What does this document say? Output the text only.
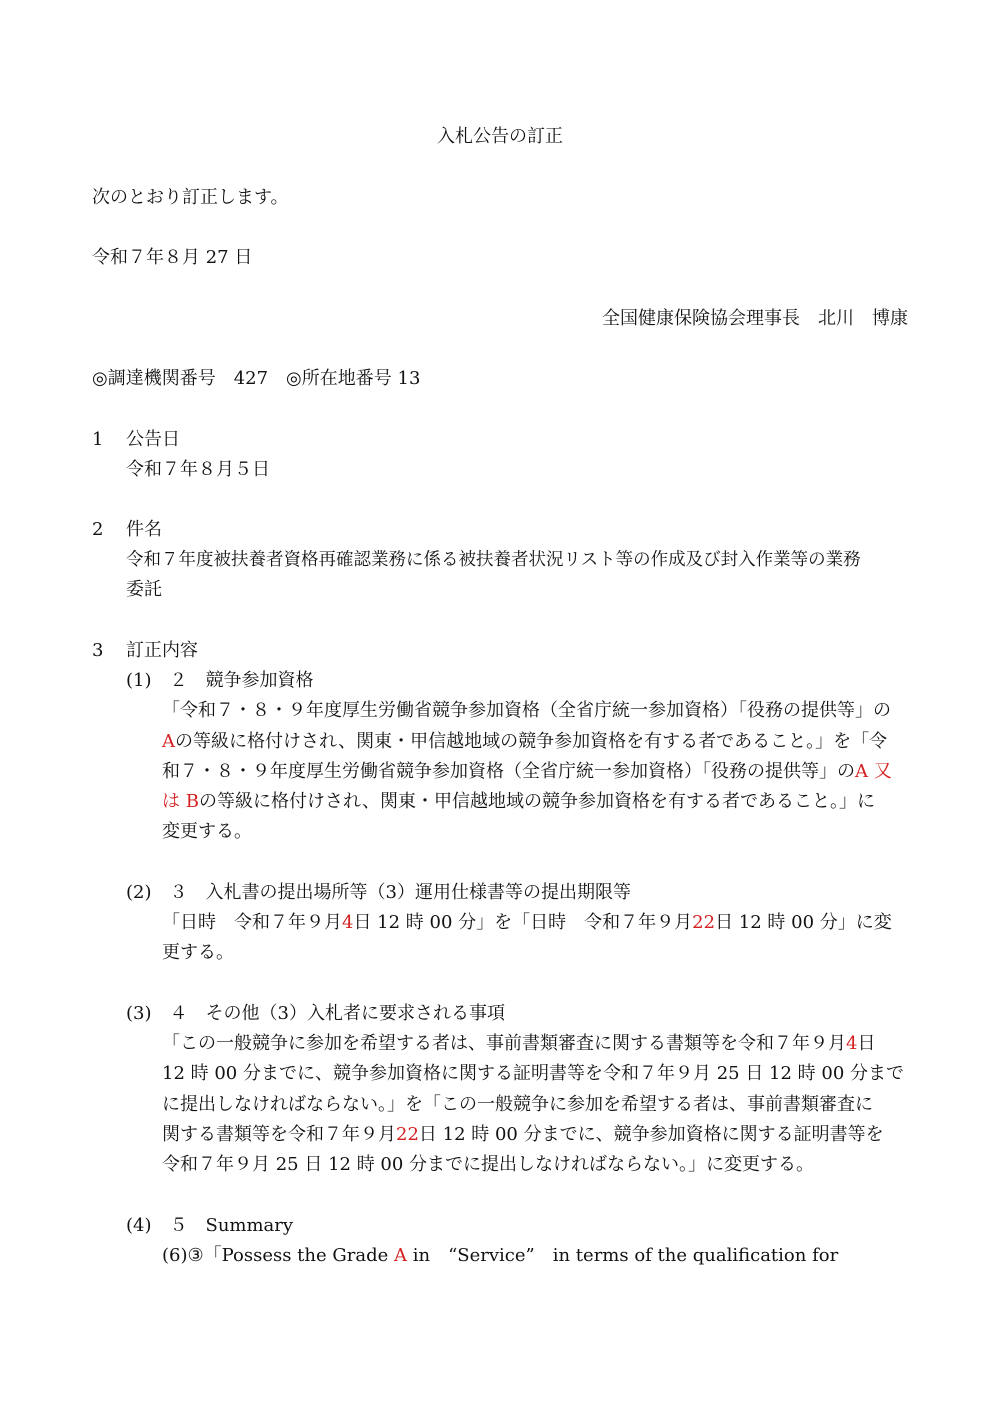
入札公告の訂正
次のとおり訂正します。
令和７年８月 27 日
全国健康保険協会理事長　北川　博康
◎調達機関番号　427　◎所在地番号 13
1 公告日
令和７年８月５日
2 件名
令和７年度被扶養者資格再確認業務に係る被扶養者状況リスト等の作成及び封入作業等の業務
委託
3 訂正内容
(1)　２　競争参加資格
「令和７・８・９年度厚生労働省競争参加資格（全省庁統一参加資格）「役務の提供等」の
Aの等級に格付けされ、関東・甲信越地域の競争参加資格を有する者であること。」を「令
和７・８・９年度厚生労働省競争参加資格（全省庁統一参加資格）「役務の提供等」のA 又
は Bの等級に格付けされ、関東・甲信越地域の競争参加資格を有する者であること。」に
変更する。
(2)　３　入札書の提出場所等（3）運用仕様書等の提出期限等
「日時　令和７年９月4日 12 時 00 分」を「日時　令和７年９月22日 12 時 00 分」に変
更する。
(3)　４　その他（3）入札者に要求される事項
「この一般競争に参加を希望する者は、事前書類審査に関する書類等を令和７年９月4日
12 時 00 分までに、競争参加資格に関する証明書等を令和７年９月 25 日 12 時 00 分まで
に提出しなければならない。」を「この一般競争に参加を希望する者は、事前書類審査に
関する書類等を令和７年９月22日 12 時 00 分までに、競争参加資格に関する証明書等を
令和７年９月 25 日 12 時 00 分までに提出しなければならない。」に変更する。
(4)　５　Summary
(6)③「Possess the Grade A in　“Service”　in terms of the qualification for
